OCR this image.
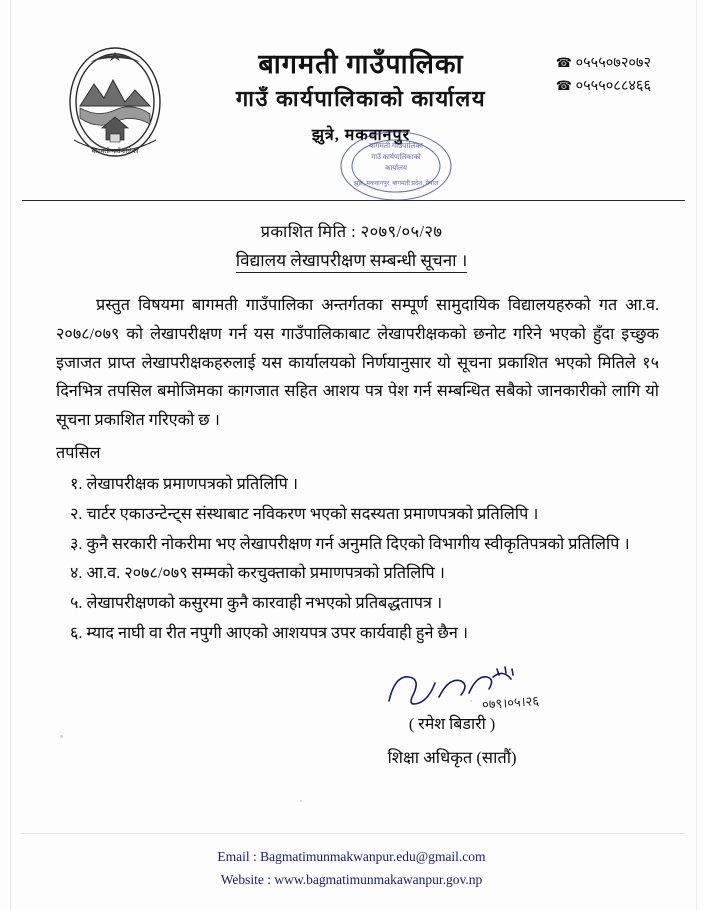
बागमती गाउँपालिका
बागमती गाउँपालिका
गाउँ कार्यपालिकाको कार्यालय
झुत्रे, मकवानपुर
☎ ०५५५०७२०७२
☎ ०५५५०८८४६६
बागमती गाउँपालिका
गाउँ कार्यपालिकाको
कार्यालय
झुक्रे, मकवानपुर, बागमती प्रदेश, नेपाल
प्रकाशित मिति : २०७९/०५/२७
विद्यालय लेखापरीक्षण सम्बन्धी सूचना ।
प्रस्तुत विषयमा बागमती गाउँपालिका अन्तर्गतका सम्पूर्ण सामुदायिक विद्यालयहरुको गत आ.व. २०७८/०७९ को लेखापरीक्षण गर्न यस गाउँपालिकाबाट लेखापरीक्षकको छनोट गरिने भएको हुँदा इच्छुक इजाजत प्राप्त लेखापरीक्षकहरुलाई यस कार्यालयको निर्णयानुसार यो सूचना प्रकाशित भएको मितिले १५ दिनभित्र तपसिल बमोजिमका कागजात सहित आशय पत्र पेश गर्न सम्बन्धित सबैको जानकारीको लागि यो सूचना प्रकाशित गरिएको छ ।
तपसिल
१. लेखापरीक्षक प्रमाणपत्रको प्रतिलिपि ।
२. चार्टर एकाउन्टेन्ट्स संस्थाबाट नविकरण भएको सदस्यता प्रमाणपत्रको प्रतिलिपि ।
३. कुनै सरकारी नोकरीमा भए लेखापरीक्षण गर्न अनुमति दिएको विभागीय स्वीकृतिपत्रको प्रतिलिपि ।
४. आ.व. २०७८/०७९ सम्मको करचुक्ताको प्रमाणपत्रको प्रतिलिपि ।
५. लेखापरीक्षणको कसुरमा कुनै कारवाही नभएको प्रतिबद्धतापत्र ।
६. म्याद नाघी वा रीत नपुगी आएको आशयपत्र उपर कार्यवाही हुने छैन ।
०७९।०५।२६
( रमेश बिडारी )
शिक्षा अधिकृत (सातौं)
Email : Bagmatimunmakwanpur.edu@gmail.com
Website : www.bagmatimunmakawanpur.gov.np
